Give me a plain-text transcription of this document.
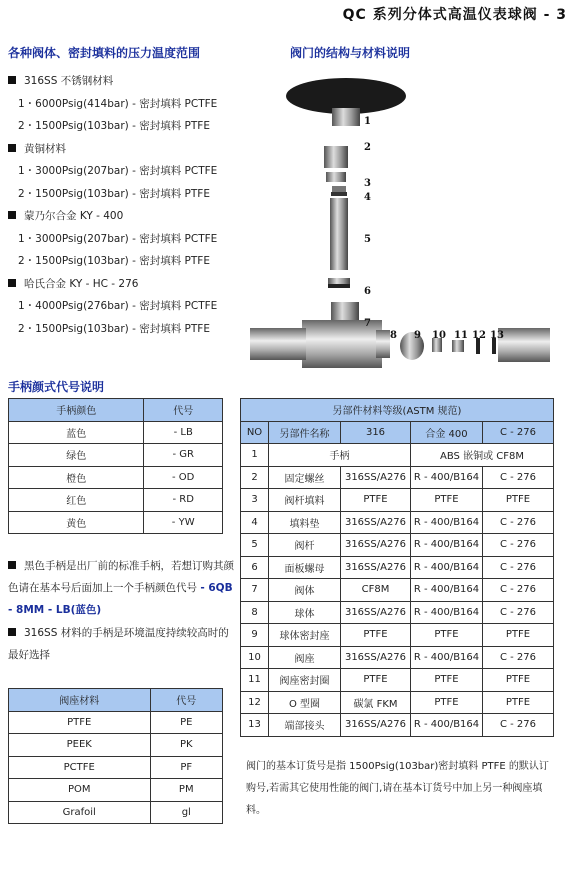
QC 系列分体式高温仪表球阀 - 3
各种阀体、密封填料的压力温度范围
316SS 不锈钢材料
1・6000Psig(414bar) - 密封填料 PCTFE
2・1500Psig(103bar) - 密封填料 PTFE
黄铜材料
1・3000Psig(207bar) - 密封填料 PCTFE
2・1500Psig(103bar) - 密封填料 PTFE
蒙乃尔合金 KY - 400
1・3000Psig(207bar) - 密封填料 PCTFE
2・1500Psig(103bar) - 密封填料 PTFE
哈氏合金 KY - HC - 276
1・4000Psig(276bar) - 密封填料 PCTFE
2・1500Psig(103bar) - 密封填料 PTFE
阀门的结构与材料说明
1
2
3
4
5
6
7
8 9 10 11 12 13
手柄颜式代号说明
手柄颜色	代号
蓝色	- LB
绿色	- GR
橙色	- OD
红色	- RD
黄色	- YW
黑色手柄是出厂前的标准手柄，若想订购其颜色请在基本号后面加上一个手柄颜色代号 - 6QB - 8MM - LB(蓝色)
316SS 材料的手柄是环境温度持续较高时的最好选择
阀座材料	代号
PTFE	PE
PEEK	PK
PCTFE	PF
POM	PM
Grafoil	gl
另部件材料等级(ASTM 规范)				
NO	另部件名称	316	合金 400	C - 276
1	手柄		ABS 嵌铜或 CF8M	
2	固定螺丝	316SS/A276	R - 400/B164	C - 276
3	阀杆填料	PTFE	PTFE	PTFE
4	填料垫	316SS/A276	R - 400/B164	C - 276
5	阀杆	316SS/A276	R - 400/B164	C - 276
6	面板螺母	316SS/A276	R - 400/B164	C - 276
7	阀体	CF8M	R - 400/B164	C - 276
8	球体	316SS/A276	R - 400/B164	C - 276
9	球体密封座	PTFE	PTFE	PTFE
10	阀座	316SS/A276	R - 400/B164	C - 276
11	阀座密封圈	PTFE	PTFE	PTFE
12	O 型圈	碳氯 FKM	PTFE	PTFE
13	端部接头	316SS/A276	R - 400/B164	C - 276
阀门的基本订货号是指 1500Psig(103bar)密封填料 PTFE 的默认订购号,若需其它使用性能的阀门,请在基本订货号中加上另一种阀座填料。
